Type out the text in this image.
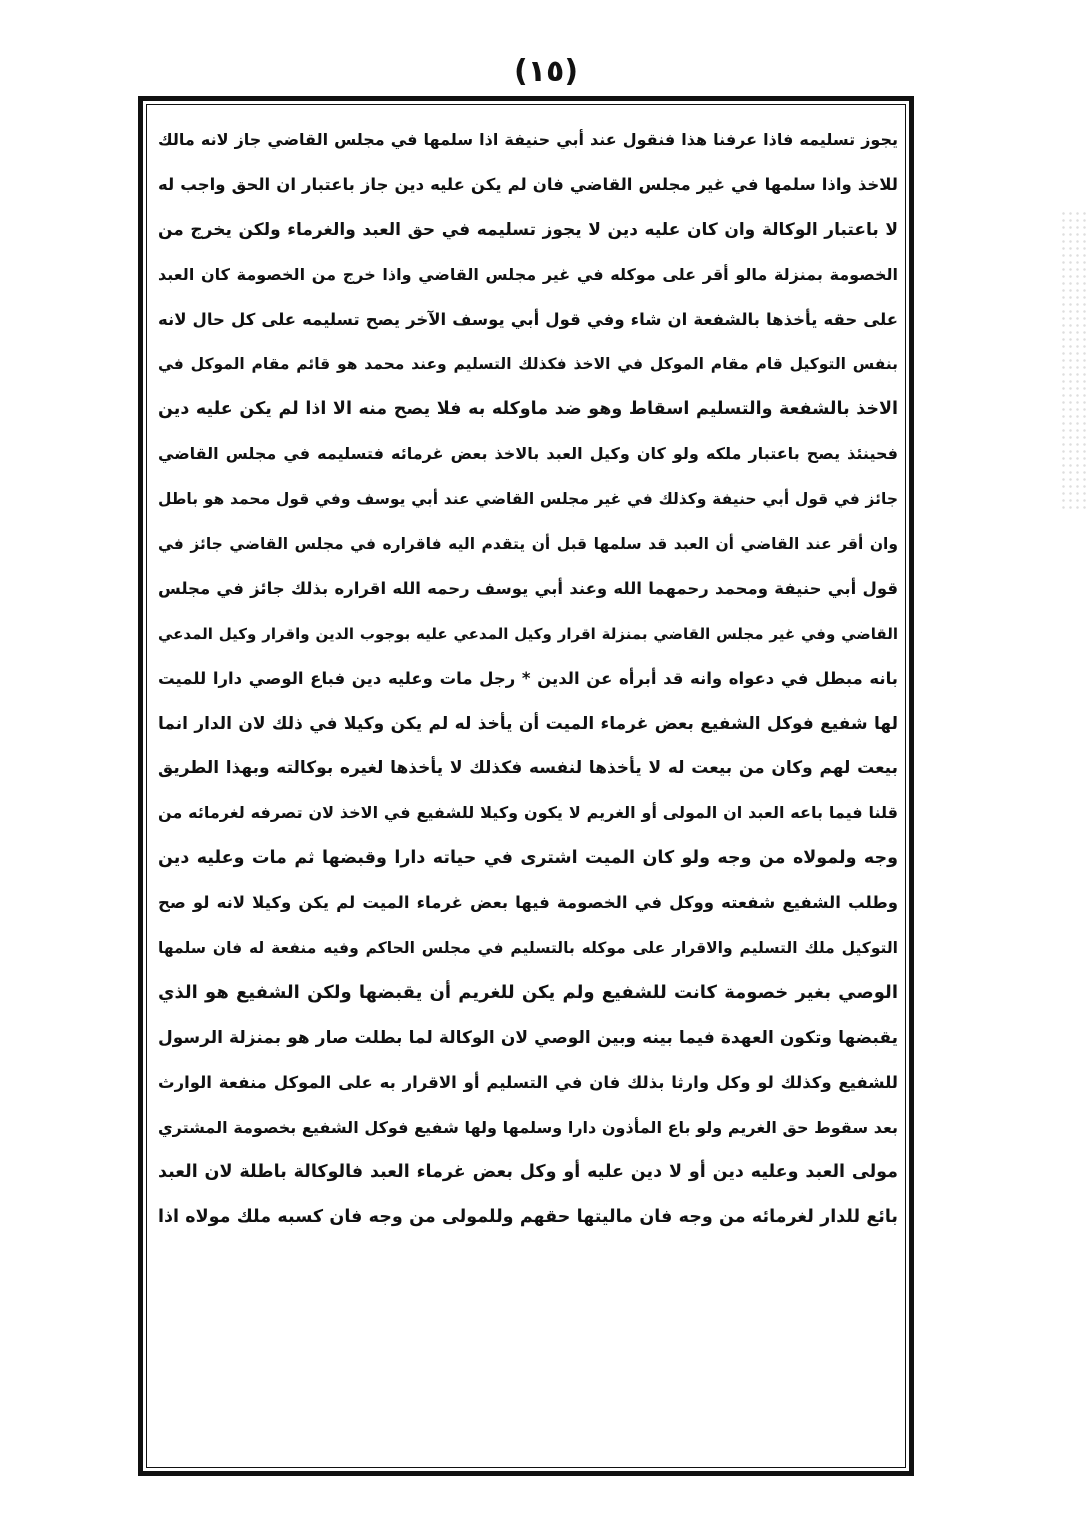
(١٥)
يجوز تسليمه فاذا عرفنا هذا فنقول عند أبي حنيفة اذا سلمها في مجلس القاضي جاز لانه مالك
للاخذ واذا سلمها في غير مجلس القاضي فان لم يكن عليه دين جاز باعتبار ان الحق واجب له
لا باعتبار الوكالة وان كان عليه دين لا يجوز تسليمه في حق العبد والغرماء ولكن يخرج من
الخصومة بمنزلة مالو أقر على موكله في غير مجلس القاضي واذا خرج من الخصومة كان العبد
على حقه يأخذها بالشفعة ان شاء وفي قول أبي يوسف الآخر يصح تسليمه على كل حال لانه
بنفس التوكيل قام مقام الموكل في الاخذ فكذلك التسليم وعند محمد هو قائم مقام الموكل في
الاخذ بالشفعة والتسليم اسقاط وهو ضد ماوكله به فلا يصح منه الا اذا لم يكن عليه دين
فحينئذ يصح باعتبار ملكه ولو كان وكيل العبد بالاخذ بعض غرمائه فتسليمه في مجلس القاضي
جائز في قول أبي حنيفة وكذلك في غير مجلس القاضي عند أبي يوسف وفي قول محمد هو باطل
وان أقر عند القاضي أن العبد قد سلمها قبل أن يتقدم اليه فاقراره في مجلس القاضي جائز في
قول أبي حنيفة ومحمد رحمهما الله وعند أبي يوسف رحمه الله اقراره بذلك جائز في مجلس
القاضي وفي غير مجلس القاضي بمنزلة اقرار وكيل المدعي عليه بوجوب الدين واقرار وكيل المدعي
بانه مبطل في دعواه وانه قد أبرأه عن الدين * رجل مات وعليه دين فباع الوصي دارا للميت
لها شفيع فوكل الشفيع بعض غرماء الميت أن يأخذ له لم يكن وكيلا في ذلك لان الدار انما
بيعت لهم وكان من بيعت له لا يأخذها لنفسه فكذلك لا يأخذها لغيره بوكالته وبهذا الطريق
قلنا فيما باعه العبد ان المولى أو الغريم لا يكون وكيلا للشفيع في الاخذ لان تصرفه لغرمائه من
وجه ولمولاه من وجه ولو كان الميت اشترى في حياته دارا وقبضها ثم مات وعليه دين
وطلب الشفيع شفعته ووكل في الخصومة فيها بعض غرماء الميت لم يكن وكيلا لانه لو صح
التوكيل ملك التسليم والاقرار على موكله بالتسليم في مجلس الحاكم وفيه منفعة له فان سلمها
الوصي بغير خصومة كانت للشفيع ولم يكن للغريم أن يقبضها ولكن الشفيع هو الذي
يقبضها وتكون العهدة فيما بينه وبين الوصي لان الوكالة لما بطلت صار هو بمنزلة الرسول
للشفيع وكذلك لو وكل وارثا بذلك فان في التسليم أو الاقرار به على الموكل منفعة الوارث
بعد سقوط حق الغريم ولو باع المأذون دارا وسلمها ولها شفيع فوكل الشفيع بخصومة المشتري
مولى العبد وعليه دين أو لا دين عليه أو وكل بعض غرماء العبد فالوكالة باطلة لان العبد
بائع للدار لغرمائه من وجه فان ماليتها حقهم وللمولى من وجه فان كسبه ملك مولاه اذا
